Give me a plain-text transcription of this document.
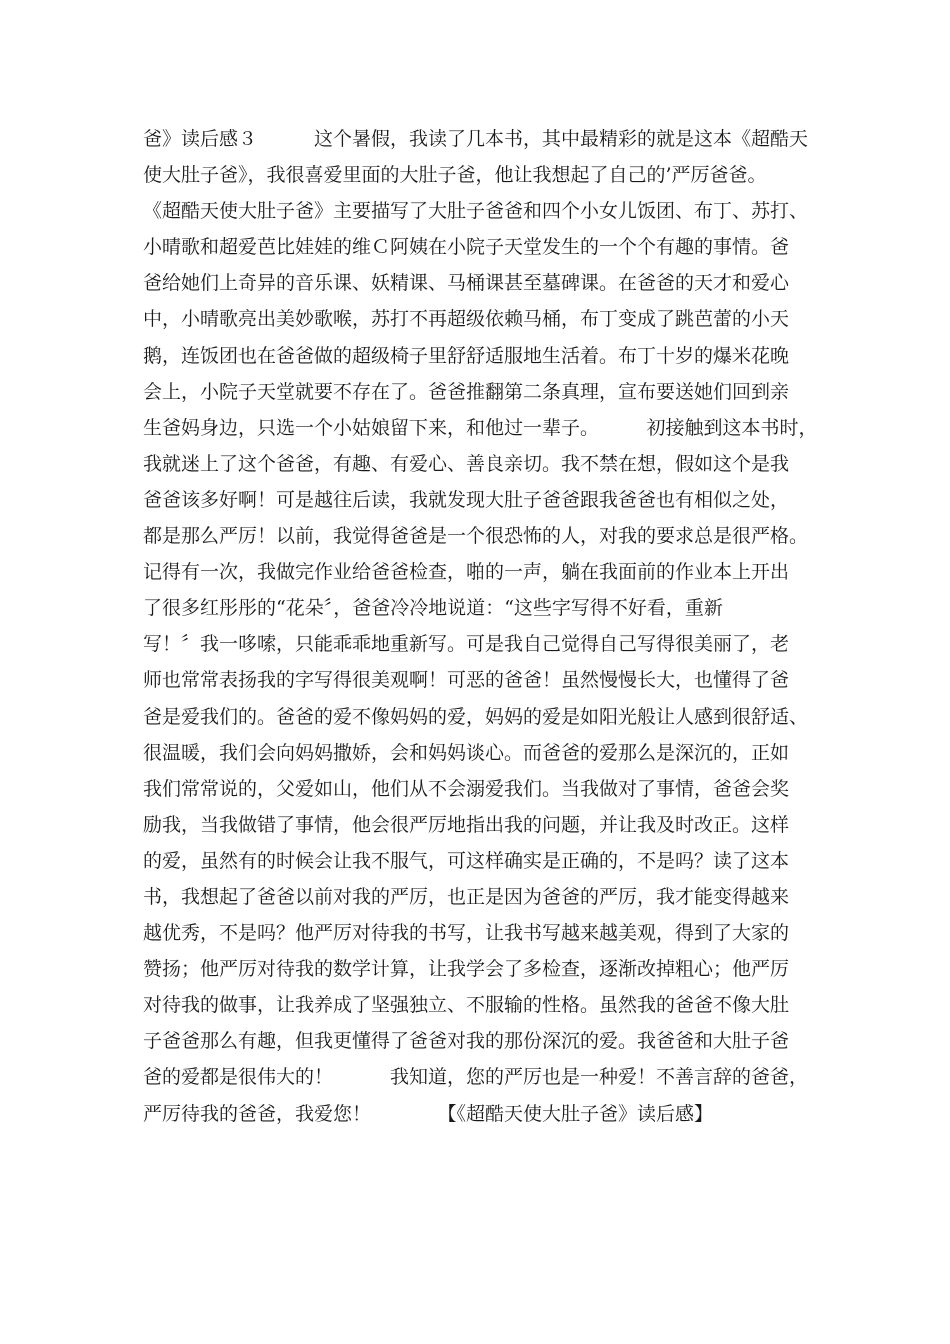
爸》读后感３　　　这个暑假，我读了几本书，其中最精彩的就是这本《超酷天
使大肚子爸》，我很喜爱里面的大肚子爸，他让我想起了自己的’严厉爸爸。
《超酷天使大肚子爸》主要描写了大肚子爸爸和四个小女儿饭团、布丁、苏打、
小晴歌和超爱芭比娃娃的维Ｃ阿姨在小院子天堂发生的一个个有趣的事情。爸
爸给她们上奇异的音乐课、妖精课、马桶课甚至墓碑课。在爸爸的天才和爱心
中，小晴歌亮出美妙歌喉，苏打不再超级依赖马桶，布丁变成了跳芭蕾的小天
鹅，连饭团也在爸爸做的超级椅子里舒舒适服地生活着。布丁十岁的爆米花晚
会上，小院子天堂就要不存在了。爸爸推翻第二条真理，宣布要送她们回到亲
生爸妈身边，只选一个小姑娘留下来，和他过一辈子。　　　初接触到这本书时，
我就迷上了这个爸爸，有趣、有爱心、善良亲切。我不禁在想，假如这个是我
爸爸该多好啊！可是越往后读，我就发现大肚子爸爸跟我爸爸也有相似之处，
都是那么严厉！以前，我觉得爸爸是一个很恐怖的人，对我的要求总是很严格。
记得有一次，我做完作业给爸爸检查，啪的一声，躺在我面前的作业本上开出
了很多红彤彤的“花朵〞，爸爸冷冷地说道：“这些字写得不好看，重新
写！〞我一哆嗦，只能乖乖地重新写。可是我自己觉得自己写得很美丽了，老
师也常常表扬我的字写得很美观啊！可恶的爸爸！虽然慢慢长大，也懂得了爸
爸是爱我们的。爸爸的爱不像妈妈的爱，妈妈的爱是如阳光般让人感到很舒适、
很温暖，我们会向妈妈撒娇，会和妈妈谈心。而爸爸的爱那么是深沉的，正如
我们常常说的，父爱如山，他们从不会溺爱我们。当我做对了事情，爸爸会奖
励我，当我做错了事情，他会很严厉地指出我的问题，并让我及时改正。这样
的爱，虽然有的时候会让我不服气，可这样确实是正确的，不是吗？读了这本
书，我想起了爸爸以前对我的严厉，也正是因为爸爸的严厉，我才能变得越来
越优秀，不是吗？他严厉对待我的书写，让我书写越来越美观，得到了大家的
赞扬；他严厉对待我的数学计算，让我学会了多检查，逐渐改掉粗心；他严厉
对待我的做事，让我养成了坚强独立、不服输的性格。虽然我的爸爸不像大肚
子爸爸那么有趣，但我更懂得了爸爸对我的那份深沉的爱。我爸爸和大肚子爸
爸的爱都是很伟大的！　　　我知道，您的严厉也是一种爱！不善言辞的爸爸，
严厉待我的爸爸，我爱您！　　　　【《超酷天使大肚子爸》读后感】
